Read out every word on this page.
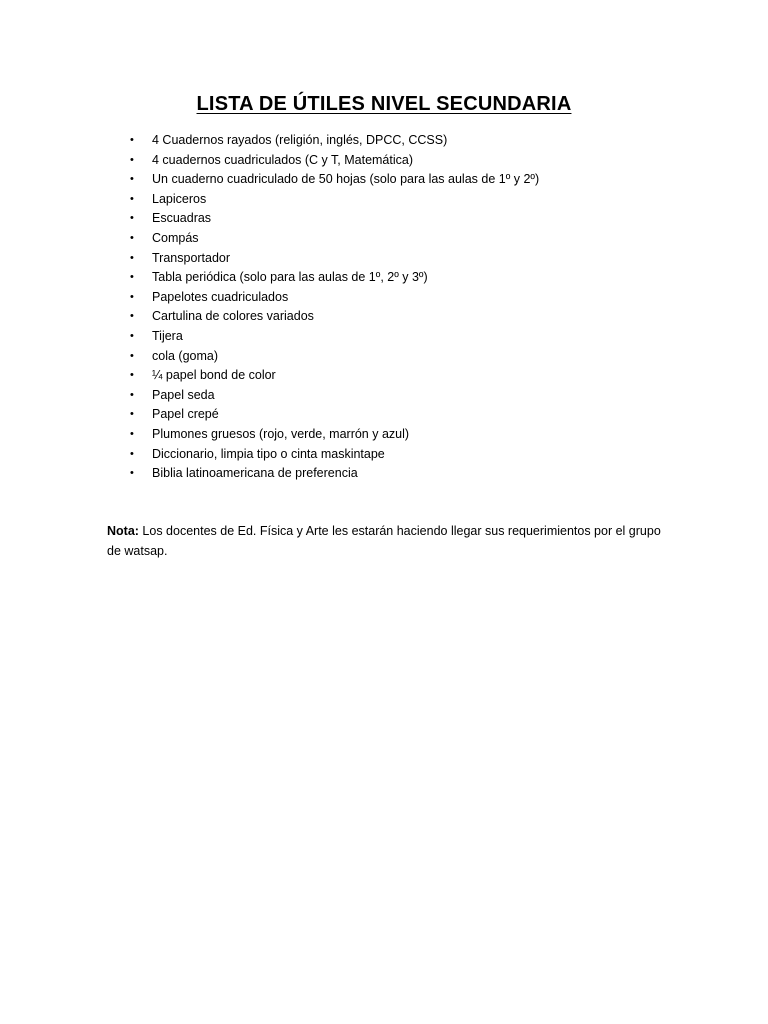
LISTA DE ÚTILES NIVEL SECUNDARIA
• 4 Cuadernos rayados (religión, inglés, DPCC, CCSS)
• 4 cuadernos cuadriculados (C y T, Matemática)
• Un cuaderno cuadriculado de 50 hojas (solo para las aulas de 1º y 2º)
• Lapiceros
• Escuadras
• Compás
• Transportador
• Tabla periódica (solo para las aulas de 1º, 2º y 3º)
• Papelotes cuadriculados
• Cartulina de colores variados
• Tijera
• cola (goma)
• ¼ papel bond de color
• Papel seda
• Papel crepé
• Plumones gruesos (rojo, verde, marrón y azul)
• Diccionario, limpia tipo o cinta maskintape
• Biblia latinoamericana de preferencia

Nota: Los docentes de Ed. Física y Arte les estarán haciendo llegar sus requerimientos por el grupo de watsap.
